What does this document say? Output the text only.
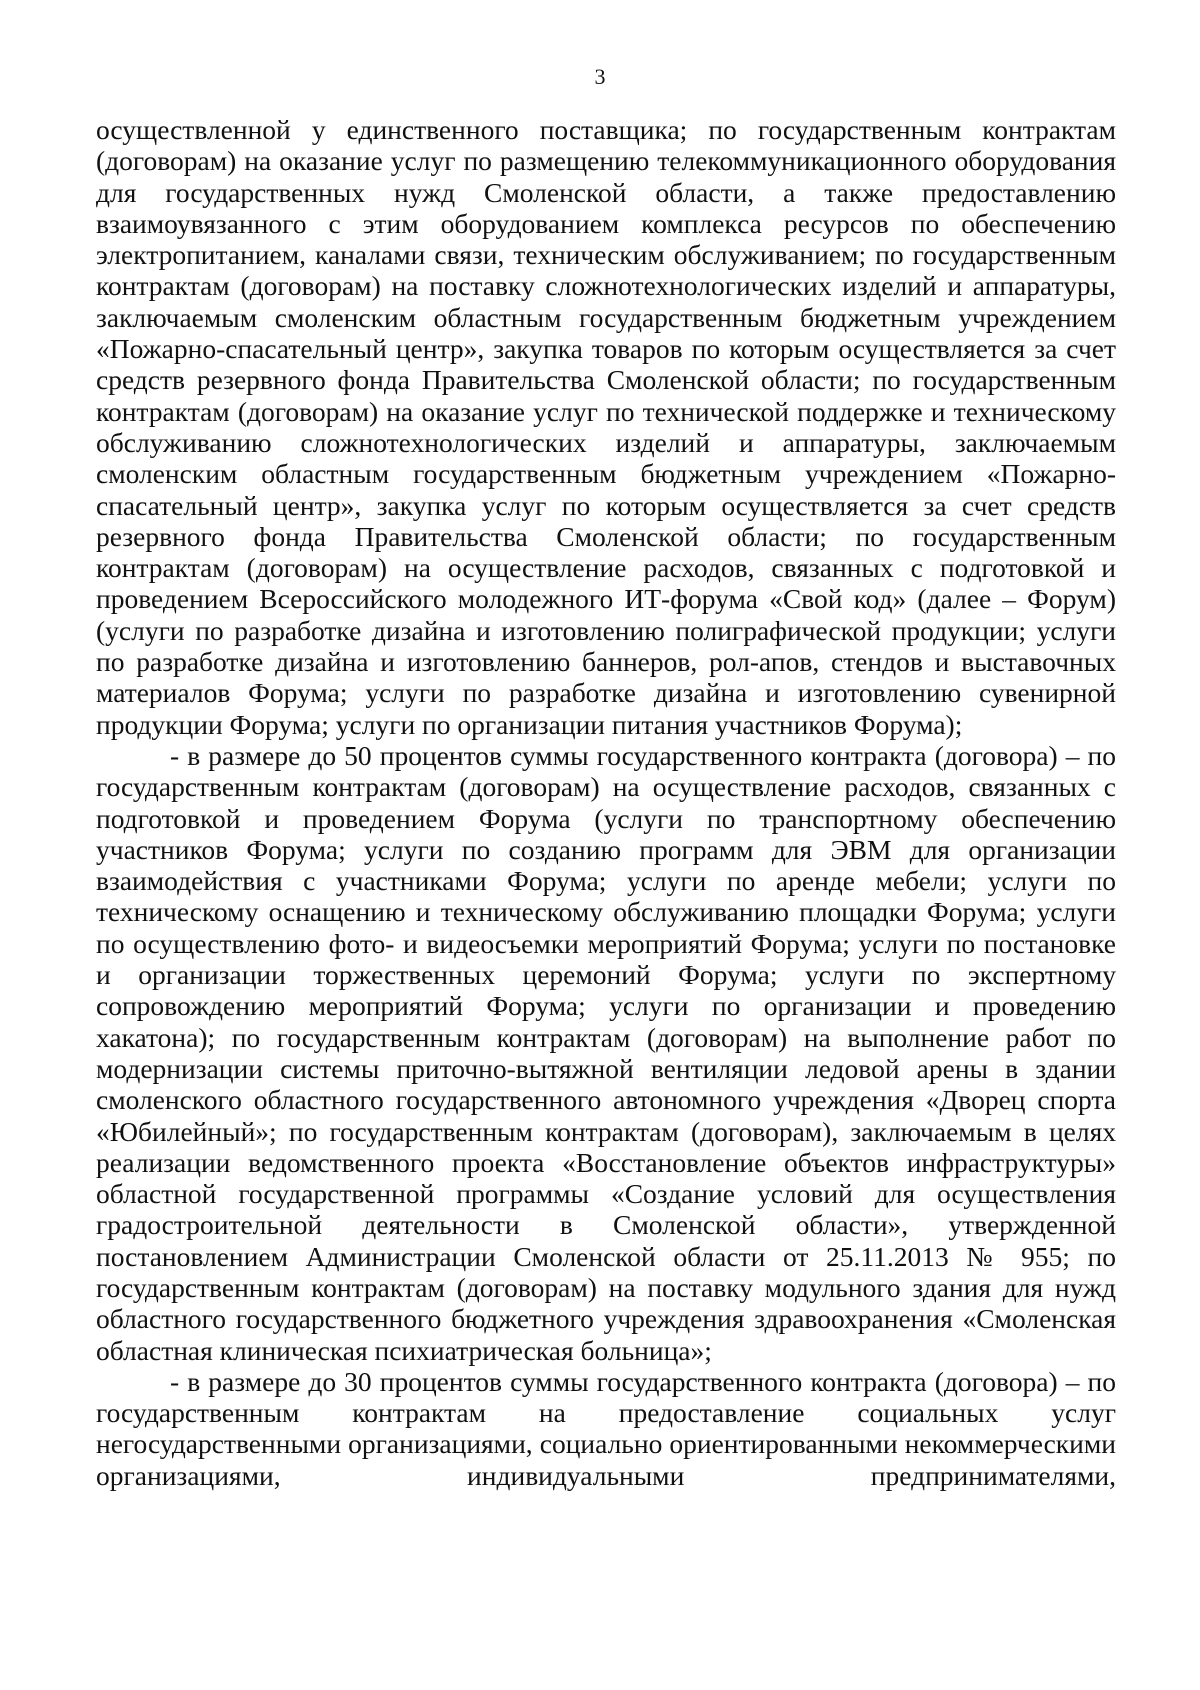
3

осуществленной у единственного поставщика; по государственным контрактам (договорам) на оказание услуг по размещению телекоммуникационного оборудования для государственных нужд Смоленской области, а также предоставлению взаимоувязанного с этим оборудованием комплекса ресурсов по обеспечению электропитанием, каналами связи, техническим обслуживанием; по государственным контрактам (договорам) на поставку сложнотехнологических изделий и аппаратуры, заключаемым смоленским областным государственным бюджетным учреждением «Пожарно-спасательный центр», закупка товаров по которым осуществляется за счет средств резервного фонда Правительства Смоленской области; по государственным контрактам (договорам) на оказание услуг по технической поддержке и техническому обслуживанию сложнотехнологических изделий и аппаратуры, заключаемым смоленским областным государственным бюджетным учреждением «Пожарно-спасательный центр», закупка услуг по которым осуществляется за счет средств резервного фонда Правительства Смоленской области; по государственным контрактам (договорам) на осуществление расходов, связанных с подготовкой и проведением Всероссийского молодежного ИТ-форума «Свой код» (далее – Форум) (услуги по разработке дизайна и изготовлению полиграфической продукции; услуги по разработке дизайна и изготовлению баннеров, рол-апов, стендов и выставочных материалов Форума; услуги по разработке дизайна и изготовлению сувенирной продукции Форума; услуги по организации питания участников Форума);

- в размере до 50 процентов суммы государственного контракта (договора) – по государственным контрактам (договорам) на осуществление расходов, связанных с подготовкой и проведением Форума (услуги по транспортному обеспечению участников Форума; услуги по созданию программ для ЭВМ для организации взаимодействия с участниками Форума; услуги по аренде мебели; услуги по техническому оснащению и техническому обслуживанию площадки Форума; услуги по осуществлению фото- и видеосъемки мероприятий Форума; услуги по постановке и организации торжественных церемоний Форума; услуги по экспертному сопровождению мероприятий Форума; услуги по организации и проведению хакатона); по государственным контрактам (договорам) на выполнение работ по модернизации системы приточно-вытяжной вентиляции ледовой арены в здании смоленского областного государственного автономного учреждения «Дворец спорта «Юбилейный»; по государственным контрактам (договорам), заключаемым в целях реализации ведомственного проекта «Восстановление объектов инфраструктуры» областной государственной программы «Создание условий для осуществления градостроительной деятельности в Смоленской области», утвержденной постановлением Администрации Смоленской области от 25.11.2013 № 955; по государственным контрактам (договорам) на поставку модульного здания для нужд областного государственного бюджетного учреждения здравоохранения «Смоленская областная клиническая психиатрическая больница»;

- в размере до 30 процентов суммы государственного контракта (договора) – по государственным контрактам на предоставление социальных услуг негосударственными организациями, социально ориентированными некоммерческими организациями, индивидуальными предпринимателями,
